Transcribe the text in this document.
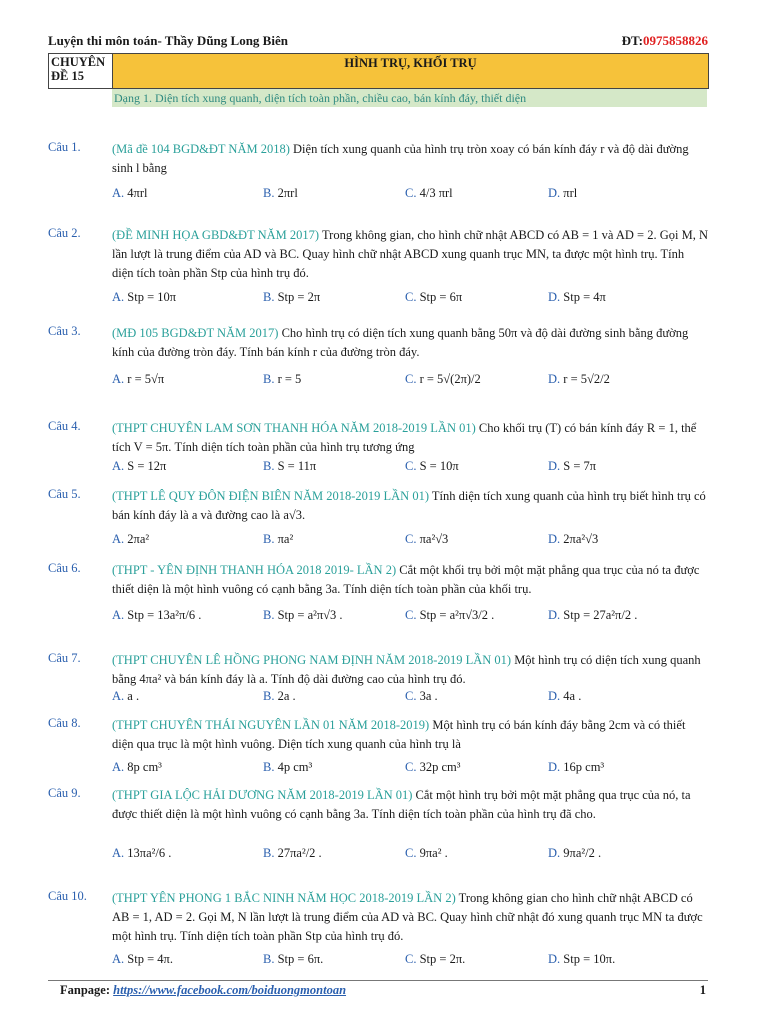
Luyện thi môn toán- Thầy Dũng Long Biên	ĐT:0975858826
CHUYÊN
ĐỀ 15
HÌNH TRỤ, KHỐI TRỤ
Dạng 1. Diện tích xung quanh, diện tích toàn phần, chiều cao, bán kính đáy, thiết diện
Câu 1.	(Mã đề 104 BGD&ĐT NĂM 2018) Diện tích xung quanh của hình trụ tròn xoay có bán kính đáy r và độ dài đường sinh l bằng
A. 4πrl	B. 2πrl	C. 4/3 πrl	D. πrl
Câu 2.	(ĐỀ MINH HỌA GBD&ĐT NĂM 2017) Trong không gian, cho hình chữ nhật ABCD có AB = 1 và AD = 2. Gọi M, N lần lượt là trung điểm của AD và BC. Quay hình chữ nhật ABCD xung quanh trục MN, ta được một hình trụ. Tính diện tích toàn phần Stp của hình trụ đó.
A. Stp = 10π	B. Stp = 2π	C. Stp = 6π	D. Stp = 4π
Câu 3.	(MĐ 105 BGD&ĐT NĂM 2017) Cho hình trụ có diện tích xung quanh bằng 50π và độ dài đường sinh bằng đường kính của đường tròn đáy. Tính bán kính r của đường tròn đáy.
A. r = 5√π	B. r = 5	C. r = 5√(2π)/2	D. r = 5√2/2
Câu 4.	(THPT CHUYÊN LAM SƠN THANH HÓA NĂM 2018-2019 LẦN 01) Cho khối trụ (T) có bán kính đáy R = 1, thể tích V = 5π. Tính diện tích toàn phần của hình trụ tương ứng
A. S = 12π	B. S = 11π	C. S = 10π	D. S = 7π
Câu 5.	(THPT LÊ QUY ĐÔN ĐIỆN BIÊN NĂM 2018-2019 LẦN 01) Tính diện tích xung quanh của hình trụ biết hình trụ có bán kính đáy là a và đường cao là a√3.
A. 2πa²	B. πa²	C. πa²√3	D. 2πa²√3
Câu 6.	(THPT - YÊN ĐỊNH THANH HÓA 2018 2019- LẦN 2) Cắt một khối trụ bởi một mặt phẳng qua trục của nó ta được thiết diện là một hình vuông có cạnh bằng 3a. Tính diện tích toàn phần của khối trụ.
A. Stp = 13a²π/6 .	B. Stp = a²π√3 .	C. Stp = a²π√3/2 .	D. Stp = 27a²π/2 .
Câu 7.	(THPT CHUYÊN LÊ HỒNG PHONG NAM ĐỊNH NĂM 2018-2019 LẦN 01) Một hình trụ có diện tích xung quanh bằng 4πa² và bán kính đáy là a. Tính độ dài đường cao của hình trụ đó.
A. a .	B. 2a .	C. 3a .	D. 4a .
Câu 8.	(THPT CHUYÊN THÁI NGUYÊN LẦN 01 NĂM 2018-2019) Một hình trụ có bán kính đáy bằng 2cm và có thiết diện qua trục là một hình vuông. Diện tích xung quanh của hình trụ là
A. 8p cm³	B. 4p cm³	C. 32p cm³	D. 16p cm³
Câu 9.	(THPT GIA LỘC HẢI DƯƠNG NĂM 2018-2019 LẦN 01) Cắt một hình trụ bởi một mặt phẳng qua trục của nó, ta được thiết diện là một hình vuông có cạnh bằng 3a. Tính diện tích toàn phần của hình trụ đã cho.
A. 13πa²/6 .	B. 27πa²/2 .	C. 9πa² .	D. 9πa²/2 .
Câu 10. (THPT YÊN PHONG 1 BẮC NINH NĂM HỌC 2018-2019 LẦN 2) Trong không gian cho hình chữ nhật ABCD có AB = 1, AD = 2. Gọi M, N lần lượt là trung điểm của AD và BC. Quay hình chữ nhật đó xung quanh trục MN ta được một hình trụ. Tính diện tích toàn phần Stp của hình trụ đó.
A. Stp = 4π.	B. Stp = 6π.	C. Stp = 2π.	D. Stp = 10π.
Fanpage: https://www.facebook.com/boiduongmontoan	1
